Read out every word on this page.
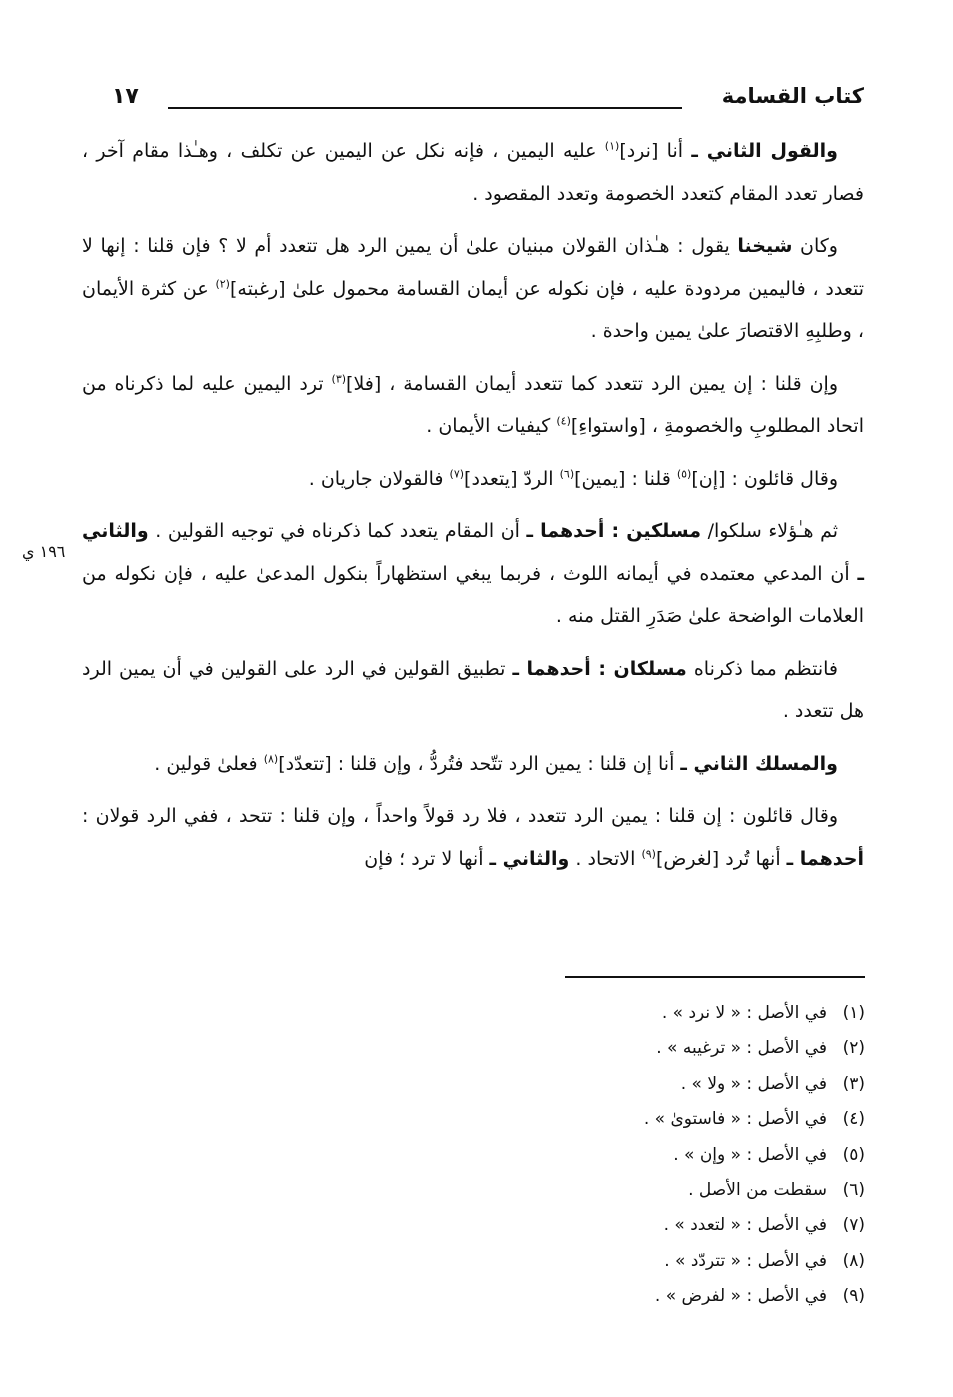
كتاب القسامة
١٧
١٩٦ ي

والقول الثاني ـ أنا [نرد]$^{(١)}$ عليه اليمين ، فإنه نكل عن اليمين عن تكلف ، وهـٰذا مقام آخر ، فصار تعدد المقام كتعدد الخصومة وتعدد المقصود .

وكان شيخنا يقول : هـٰذان القولان مبنيان علىٰ أن يمين الرد هل تتعدد أم لا ؟ فإن قلنا : إنها لا تتعدد ، فاليمين مردودة عليه ، فإن نكوله عن أيمان القسامة محمول علىٰ [رغبته]$^{(٢)}$ عن كثرة الأيمان ، وطلبِهِ الاقتصارَ علىٰ يمين واحدة .

وإن قلنا : إن يمين الرد تتعدد كما تتعدد أيمان القسامة ، [فلا]$^{(٣)}$ ترد اليمين عليه لما ذكرناه من اتحاد المطلوبِ والخصومةِ ، [واستواءِ]$^{(٤)}$ كيفيات الأيمان .

وقال قائلون : [إن]$^{(٥)}$ قلنا : [يمين]$^{(٦)}$ الردّ [يتعدد]$^{(٧)}$ فالقولان جاريان .

ثم هـٰؤلاء سلكوا/ مسلكين : أحدهما ـ أن المقام يتعدد كما ذكرناه في توجيه القولين . والثاني ـ أن المدعي معتمده في أيمانه اللوث ، فربما يبغي استظهاراً بنكول المدعىٰ عليه ، فإن نكوله من العلامات الواضحة علىٰ صَدَرِ القتل منه .

فانتظم مما ذكرناه مسلكان : أحدهما ـ تطبيق القولين في الرد على القولين في أن يمين الرد هل تتعدد .

والمسلك الثاني ـ أنا إن قلنا : يمين الرد تتّحد فتُردُّ ، وإن قلنا : [تتعدّد]$^{(٨)}$ فعلىٰ قولين .

وقال قائلون : إن قلنا : يمين الرد تتعدد ، فلا رد قولاً واحداً ، وإن قلنا : تتحد ، ففي الرد قولان : أحدهما ـ أنها تُرد [لغرض]$^{(٩)}$ الاتحاد . والثاني ـ أنها لا ترد ؛ فإن

(١)في الأصل : « لا نرد » .
(٢)في الأصل : « ترغيبه » .
(٣)في الأصل : « ولا » .
(٤)في الأصل : « فاستوىٰ » .
(٥)في الأصل : « وإن » .
(٦)سقطت من الأصل .
(٧)في الأصل : « لتعدد » .
(٨)في الأصل : « تتردّد » .
(٩)في الأصل : « لفرض » .
